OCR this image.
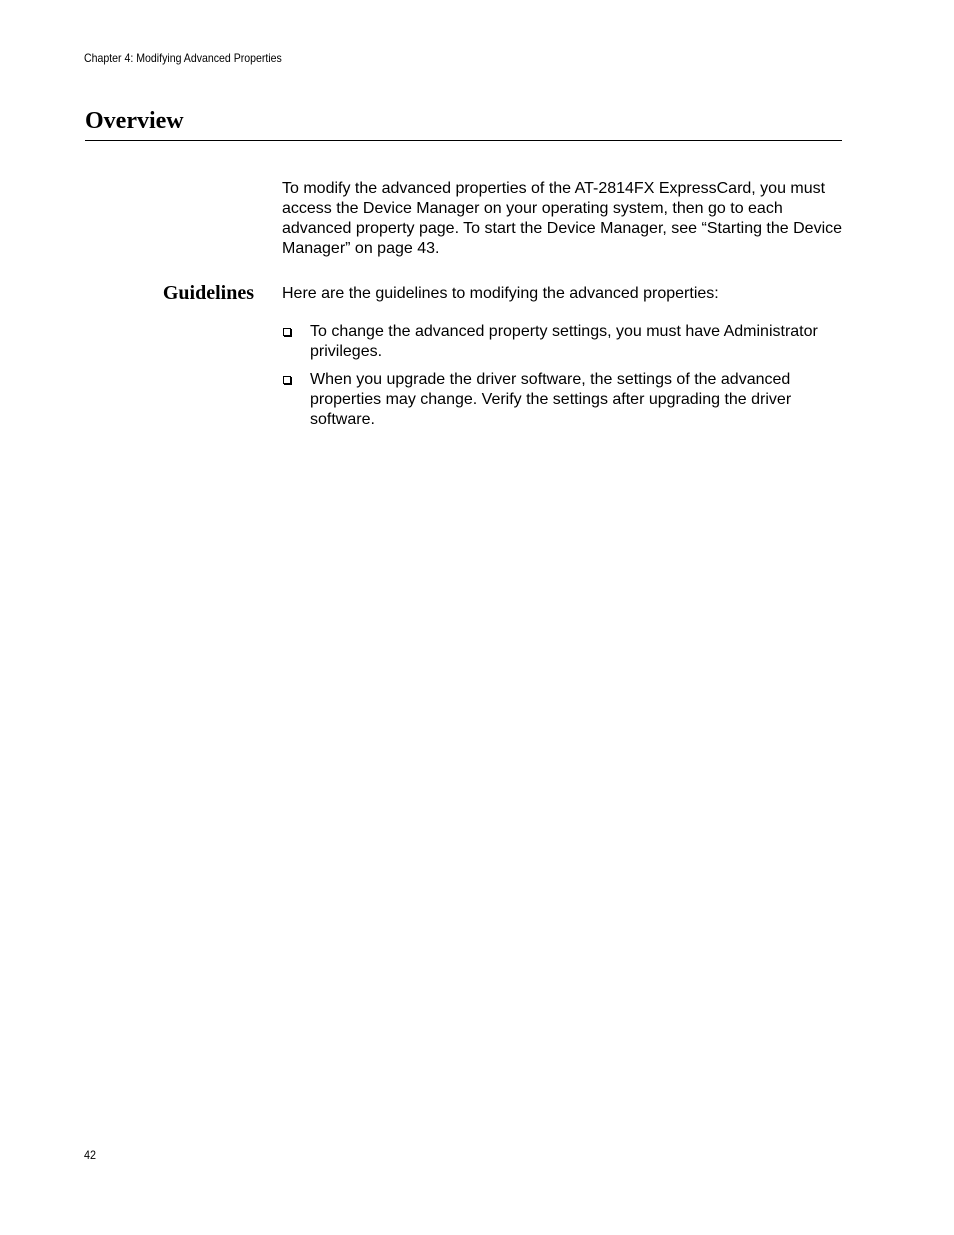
Chapter 4: Modifying Advanced Properties
Overview

To modify the advanced properties of the AT-2814FX ExpressCard, you must access the Device Manager on your operating system, then go to each advanced property page. To start the Device Manager, see “Starting the Device Manager” on page 43.

Guidelines Here are the guidelines to modifying the advanced properties:

To change the advanced property settings, you must have Administrator privileges.
When you upgrade the driver software, the settings of the advanced properties may change. Verify the settings after upgrading the driver software.
42
